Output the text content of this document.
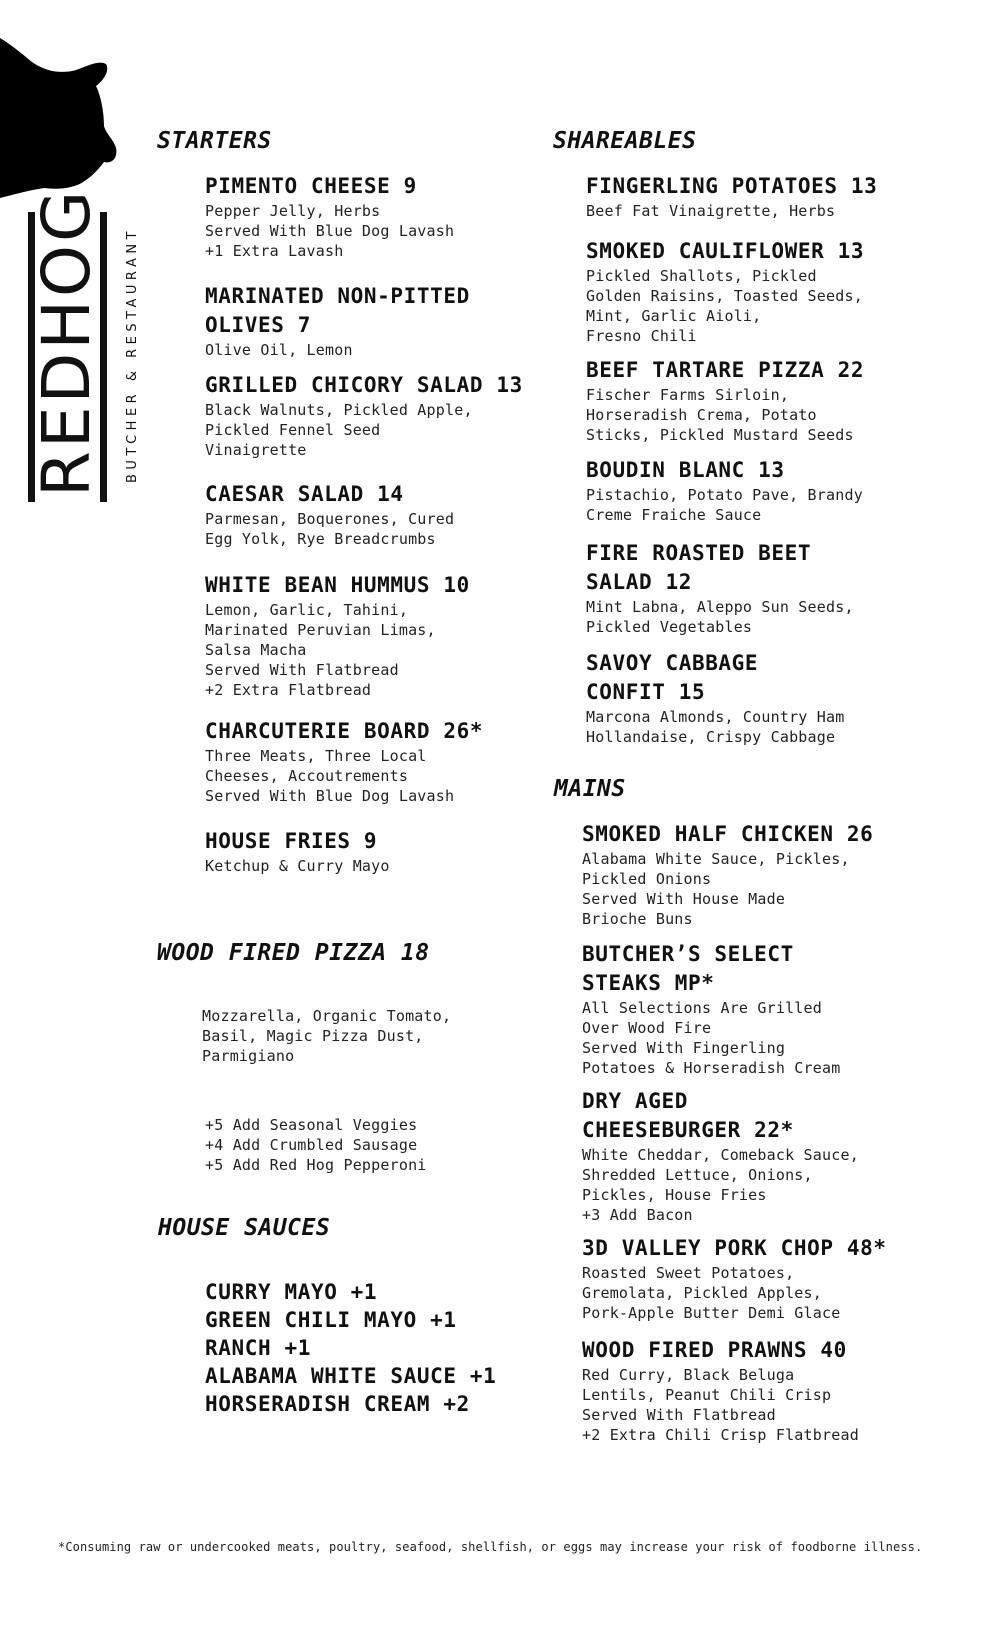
REDHOG BUTCHER & RESTAURANT
STARTERS	SHAREABLES
MAINS
WOOD FIRED PIZZA 18
HOUSE SAUCES
PIMENTO CHEESE 9
Pepper Jelly, Herbs
Served With Blue Dog Lavash
+1 Extra Lavash
MARINATED NON-PITTED
OLIVES 7
Olive Oil, Lemon
GRILLED CHICORY SALAD 13
Black Walnuts, Pickled Apple,
Pickled Fennel Seed
Vinaigrette
CAESAR SALAD 14
Parmesan, Boquerones, Cured
Egg Yolk, Rye Breadcrumbs
WHITE BEAN HUMMUS 10
Lemon, Garlic, Tahini,
Marinated Peruvian Limas,
Salsa Macha
Served With Flatbread
+2 Extra Flatbread
CHARCUTERIE BOARD 26*
Three Meats, Three Local
Cheeses, Accoutrements
Served With Blue Dog Lavash
HOUSE FRIES 9
Ketchup & Curry Mayo
Mozzarella, Organic Tomato,
Basil, Magic Pizza Dust,
Parmigiano
+5 Add Seasonal Veggies
+4 Add Crumbled Sausage
+5 Add Red Hog Pepperoni
CURRY MAYO +1
GREEN CHILI MAYO +1
RANCH +1
ALABAMA WHITE SAUCE +1
HORSERADISH CREAM +2
FINGERLING POTATOES 13
Beef Fat Vinaigrette, Herbs
SMOKED CAULIFLOWER 13
Pickled Shallots, Pickled
Golden Raisins, Toasted Seeds,
Mint, Garlic Aioli,
Fresno Chili
BEEF TARTARE PIZZA 22
Fischer Farms Sirloin,
Horseradish Crema, Potato
Sticks, Pickled Mustard Seeds
BOUDIN BLANC 13
Pistachio, Potato Pave, Brandy
Creme Fraiche Sauce
FIRE ROASTED BEET
SALAD 12
Mint Labna, Aleppo Sun Seeds,
Pickled Vegetables
SAVOY CABBAGE
CONFIT 15
Marcona Almonds, Country Ham
Hollandaise, Crispy Cabbage
SMOKED HALF CHICKEN 26
Alabama White Sauce, Pickles,
Pickled Onions
Served With House Made
Brioche Buns
BUTCHER’S SELECT
STEAKS MP*
All Selections Are Grilled
Over Wood Fire
Served With Fingerling
Potatoes & Horseradish Cream
DRY AGED
CHEESEBURGER 22*
White Cheddar, Comeback Sauce,
Shredded Lettuce, Onions,
Pickles, House Fries
+3 Add Bacon
3D VALLEY PORK CHOP 48*
Roasted Sweet Potatoes,
Gremolata, Pickled Apples,
Pork-Apple Butter Demi Glace
WOOD FIRED PRAWNS 40
Red Curry, Black Beluga
Lentils, Peanut Chili Crisp
Served With Flatbread
+2 Extra Chili Crisp Flatbread
*Consuming raw or undercooked meats, poultry, seafood, shellfish, or eggs may increase your risk of foodborne illness.
